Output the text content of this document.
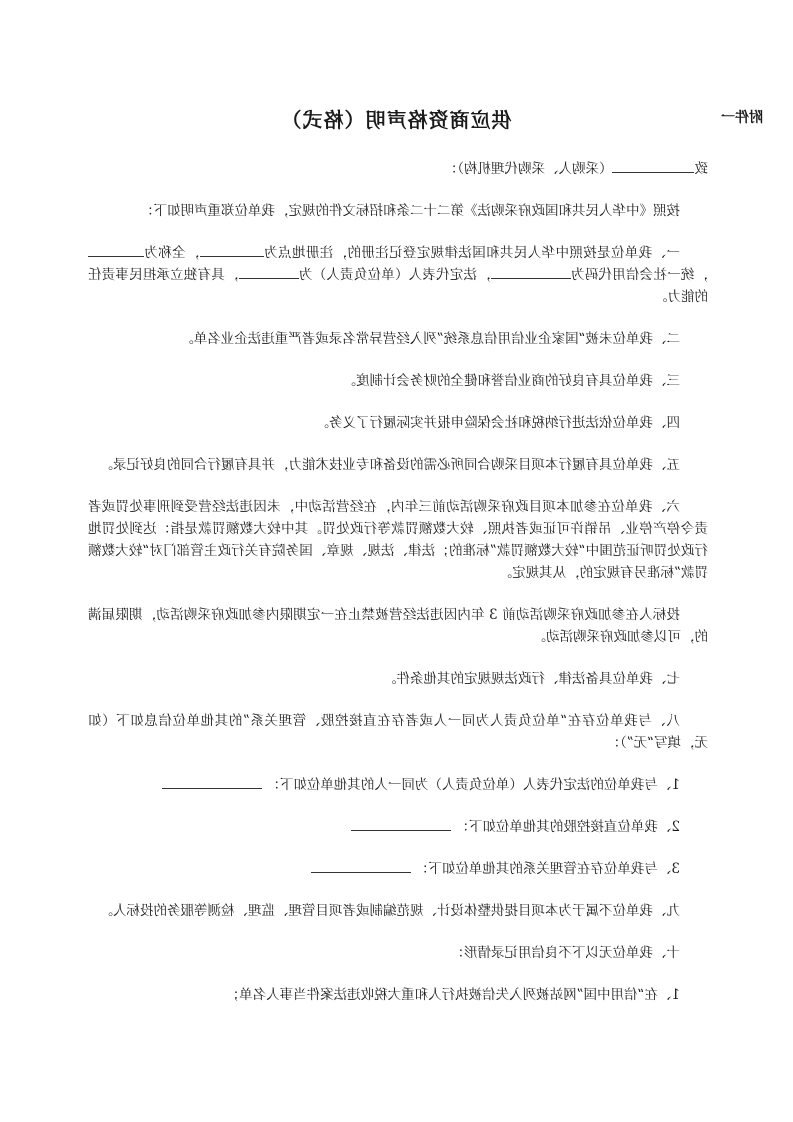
附件一
供应商资格声明（格式）

致（采购人、采购代理机构）：

按照《中华人民共和国政府采购法》第二十二条和招标文件的规定，我单位郑重声明如下：

一、我单位是按照中华人民共和国法律规定登记注册的，注册地点为，全称为，统一社会信用代码为，法定代表人（单位负责人）为，具有独立承担民事责任的能力。

二、我单位未被“国家企业信用信息系统”列入经营异常名录或者严重违法企业名单。

三、我单位具有良好的商业信誉和健全的财务会计制度。

四、我单位依法进行纳税和社会保险申报并实际履行了义务。

五、我单位具有履行本项目采购合同所必需的设备和专业技术能力，并具有履行合同的良好记录。

六、我单位在参加本项目政府采购活动前三年内，在经营活动中，未因违法经营受到刑事处罚或者责令停产停业、吊销许可证或者执照、较大数额罚款等行政处罚。其中较大数额罚款是指：达到处罚地行政处罚听证范围中“较大数额罚款”标准的；法律、法规、规章、国务院有关行政主管部门对“较大数额罚款”标准另有规定的，从其规定。

投标人在参加政府采购活动前 3 年内因违法经营被禁止在一定期限内参加政府采购活动，期限届满的，可以参加政府采购活动。

七、我单位具备法律、行政法规规定的其他条件。

八、与我单位存在“单位负责人为同一人或者存在直接控股、管理关系”的其他单位信息如下（如无，填写“无”）：

1、与我单位的法定代表人（单位负责人）为同一人的其他单位如下：

2、我单位直接控股的其他单位如下：

3、与我单位存在管理关系的其他单位如下：

九、我单位不属于为本项目提供整体设计、规范编制或者项目管理、监理、检测等服务的投标人。

十、我单位无以下不良信用记录情形：

1、在“信用中国”网站被列入失信被执行人和重大税收违法案件当事人名单；
